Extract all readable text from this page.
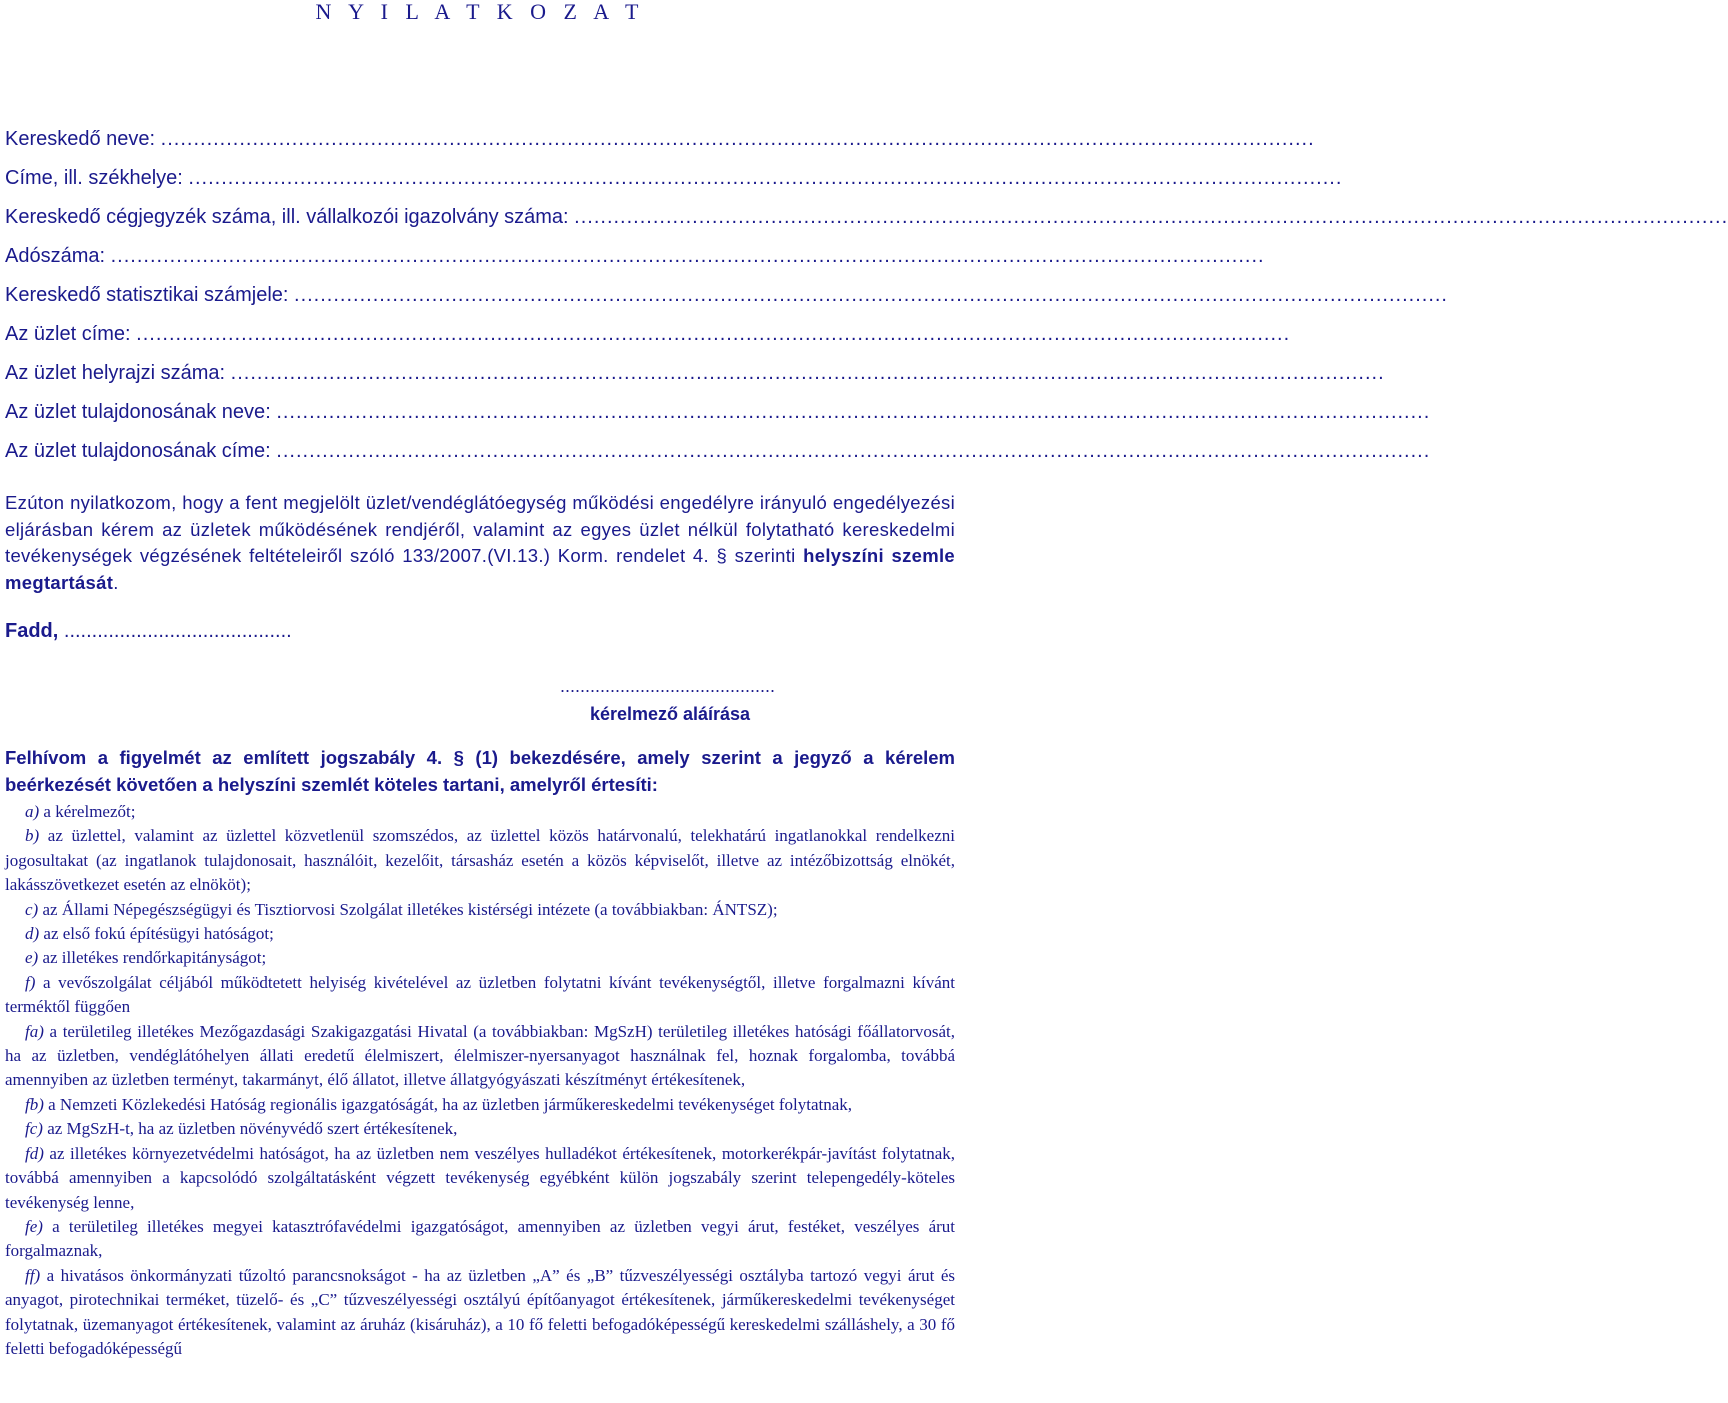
N Y I L A T K O Z A T
Kereskedő neve:
................................................................................................................................................................................
Címe, ill. székhelye:
................................................................................................................................................................................
Kereskedő cégjegyzék száma, ill. vállalkozói igazolvány száma:
................................................................................................................................................................................
Adószáma:
................................................................................................................................................................................
Kereskedő statisztikai számjele:
................................................................................................................................................................................
Az üzlet címe:
................................................................................................................................................................................
Az üzlet helyrajzi száma:
................................................................................................................................................................................
Az üzlet tulajdonosának neve:
................................................................................................................................................................................
Az üzlet tulajdonosának címe:
................................................................................................................................................................................
Ezúton nyilatkozom, hogy a fent megjelölt üzlet/vendéglátóegység működési engedélyre irányuló engedélyezési eljárásban kérem az üzletek működésének rendjéről, valamint az egyes üzlet nélkül folytatható kereskedelmi tevékenységek végzésének feltételeiről szóló 133/2007.(VI.13.) Korm. rendelet 4. § szerinti helyszíni szemle megtartását.
Fadd, .........................................
...........................................
kérelmező aláírása
Felhívom a figyelmét az említett jogszabály 4. § (1) bekezdésére, amely szerint a jegyző a kérelem beérkezését követően a helyszíni szemlét köteles tartani, amelyről értesíti:

a) a kérelmezőt;

b) az üzlettel, valamint az üzlettel közvetlenül szomszédos, az üzlettel közös határvonalú, telekhatárú ingatlanokkal rendelkezni jogosultakat (az ingatlanok tulajdonosait, használóit, kezelőit, társasház esetén a közös képviselőt, illetve az intézőbizottság elnökét, lakásszövetkezet esetén az elnököt);

c) az Állami Népegészségügyi és Tisztiorvosi Szolgálat illetékes kistérségi intézete (a továbbiakban: ÁNTSZ);

d) az első fokú építésügyi hatóságot;

e) az illetékes rendőrkapitányságot;

f) a vevőszolgálat céljából működtetett helyiség kivételével az üzletben folytatni kívánt tevékenységtől, illetve forgalmazni kívánt terméktől függően

fa) a területileg illetékes Mezőgazdasági Szakigazgatási Hivatal (a továbbiakban: MgSzH) területileg illetékes hatósági főállatorvosát, ha az üzletben, vendéglátóhelyen állati eredetű élelmiszert, élelmiszer-nyersanyagot használnak fel, hoznak forgalomba, továbbá amennyiben az üzletben terményt, takarmányt, élő állatot, illetve állatgyógyászati készítményt értékesítenek,

fb) a Nemzeti Közlekedési Hatóság regionális igazgatóságát, ha az üzletben járműkereskedelmi tevékenységet folytatnak,

fc) az MgSzH-t, ha az üzletben növényvédő szert értékesítenek,

fd) az illetékes környezetvédelmi hatóságot, ha az üzletben nem veszélyes hulladékot értékesítenek, motorkerékpár-javítást folytatnak, továbbá amennyiben a kapcsolódó szolgáltatásként végzett tevékenység egyébként külön jogszabály szerint telepengedély-köteles tevékenység lenne,

fe) a területileg illetékes megyei katasztrófavédelmi igazgatóságot, amennyiben az üzletben vegyi árut, festéket, veszélyes árut forgalmaznak,

ff) a hivatásos önkormányzati tűzoltó parancsnokságot - ha az üzletben „A” és „B” tűzveszélyességi osztályba tartozó vegyi árut és anyagot, pirotechnikai terméket, tüzelő- és „C” tűzveszélyességi osztályú építőanyagot értékesítenek, járműkereskedelmi tevékenységet folytatnak, üzemanyagot értékesítenek, valamint az áruház (kisáruház), a 10 fő feletti befogadóképességű kereskedelmi szálláshely, a 30 fő feletti befogadóképességű
